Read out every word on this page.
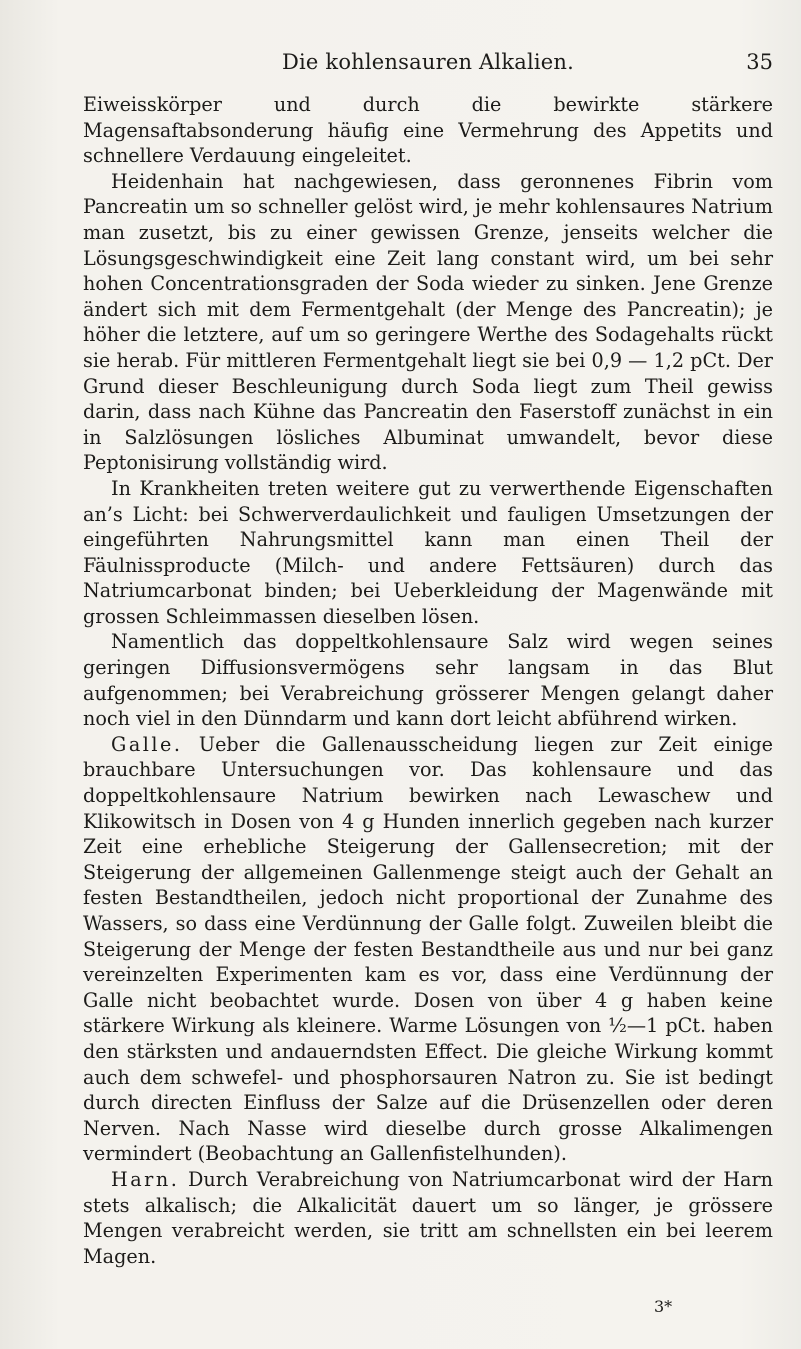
Die kohlensauren Alkalien.	35

Eiweisskörper und durch die bewirkte stärkere Magensaftabsonderung häufig eine Vermehrung des Appetits und schnellere Verdauung eingeleitet.

Heidenhain hat nachgewiesen, dass geronnenes Fibrin vom Pancreatin um so schneller gelöst wird, je mehr kohlensaures Natrium man zusetzt, bis zu einer gewissen Grenze, jenseits welcher die Lösungsgeschwindigkeit eine Zeit lang constant wird, um bei sehr hohen Concentrationsgraden der Soda wieder zu sinken. Jene Grenze ändert sich mit dem Fermentgehalt (der Menge des Pancreatin); je höher die letztere, auf um so geringere Werthe des Sodagehalts rückt sie herab. Für mittleren Fermentgehalt liegt sie bei 0,9 — 1,2 pCt. Der Grund dieser Beschleunigung durch Soda liegt zum Theil gewiss darin, dass nach Kühne das Pancreatin den Faserstoff zunächst in ein in Salzlösungen lösliches Albuminat umwandelt, bevor diese Peptonisirung vollständig wird.

In Krankheiten treten weitere gut zu verwerthende Eigenschaften an’s Licht: bei Schwerverdaulichkeit und fauligen Umsetzungen der eingeführten Nahrungsmittel kann man einen Theil der Fäulnissproducte (Milch- und andere Fettsäuren) durch das Natriumcarbonat binden; bei Ueberkleidung der Magenwände mit grossen Schleimmassen dieselben lösen.

Namentlich das doppeltkohlensaure Salz wird wegen seines geringen Diffusionsvermögens sehr langsam in das Blut aufgenommen; bei Verabreichung grösserer Mengen gelangt daher noch viel in den Dünndarm und kann dort leicht abführend wirken.

Galle. Ueber die Gallenausscheidung liegen zur Zeit einige brauchbare Untersuchungen vor. Das kohlensaure und das doppeltkohlensaure Natrium bewirken nach Lewaschew und Klikowitsch in Dosen von 4 g Hunden innerlich gegeben nach kurzer Zeit eine erhebliche Steigerung der Gallensecretion; mit der Steigerung der allgemeinen Gallenmenge steigt auch der Gehalt an festen Bestandtheilen, jedoch nicht proportional der Zunahme des Wassers, so dass eine Verdünnung der Galle folgt. Zuweilen bleibt die Steigerung der Menge der festen Bestandtheile aus und nur bei ganz vereinzelten Experimenten kam es vor, dass eine Verdünnung der Galle nicht beobachtet wurde. Dosen von über 4 g haben keine stärkere Wirkung als kleinere. Warme Lösungen von ½—1 pCt. haben den stärksten und andauerndsten Effect. Die gleiche Wirkung kommt auch dem schwefel- und phosphorsauren Natron zu. Sie ist bedingt durch directen Einfluss der Salze auf die Drüsenzellen oder deren Nerven. Nach Nasse wird dieselbe durch grosse Alkalimengen vermindert (Beobachtung an Gallenfistelhunden).

Harn. Durch Verabreichung von Natriumcarbonat wird der Harn stets alkalisch; die Alkalicität dauert um so länger, je grössere Mengen verabreicht werden, sie tritt am schnellsten ein bei leerem Magen.

3*
